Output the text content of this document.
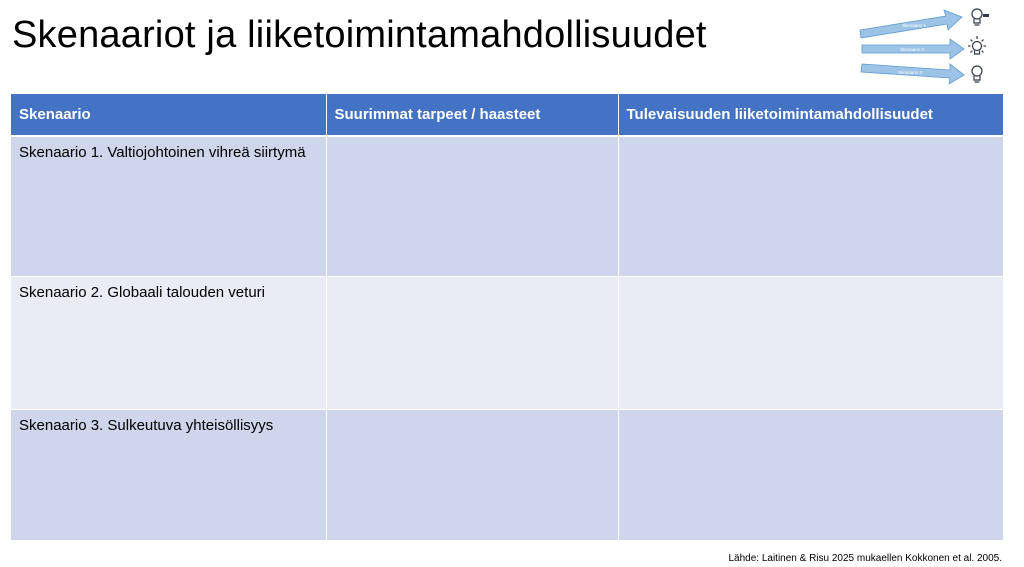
Skenaariot ja liiketoimintamahdollisuudet	Skenaario 1
Skenaario 2
Skenaario 3
Skenaario	Suurimmat tarpeet / haasteet	Tulevaisuuden liiketoimintamahdollisuudet
Skenaario 1. Valtiojohtoinen vihreä siirtymä		
Skenaario 2. Globaali talouden veturi		
Skenaario 3. Sulkeutuva yhteisöllisyys		
Lähde: Laitinen & Risu 2025 mukaellen Kokkonen et al. 2005.
